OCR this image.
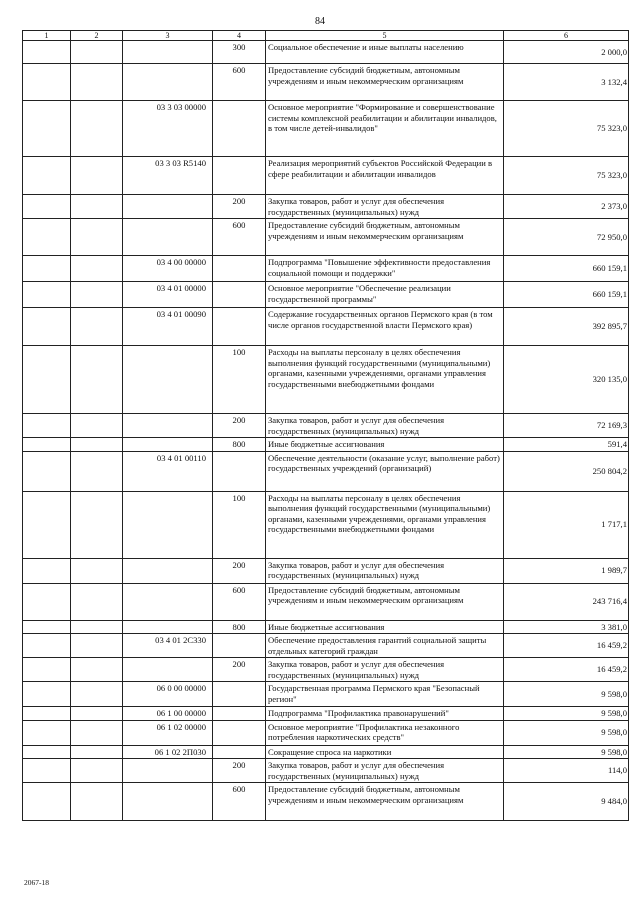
84
1	2	3	4	5	6
			300	Социальное обеспечение и иные выплаты населению	2 000,0
			600	Предоставление субсидий бюджетным, автономным учреждениям и иным некоммерческим организациям	3 132,4
		03 3 03 00000		Основное мероприятие "Формирование и совершенствование системы комплексной реабилитации и абилитации инвалидов, в том числе детей-инвалидов"	75 323,0
		03 3 03 R5140		Реализация мероприятий субъектов Российской Федерации в сфере реабилитации и абилитации инвалидов	75 323,0
			200	Закупка товаров, работ и услуг для обеспечения государственных (муниципальных) нужд	2 373,0
			600	Предоставление субсидий бюджетным, автономным учреждениям и иным некоммерческим организациям	72 950,0
		03 4 00 00000		Подпрограмма "Повышение эффективности предоставления социальной помощи и поддержки"	660 159,1
		03 4 01 00000		Основное мероприятие "Обеспечение реализации государственной программы"	660 159,1
		03 4 01 00090		Содержание государственных органов Пермского края (в том числе органов государственной власти Пермского края)	392 895,7
			100	Расходы на выплаты персоналу в целях обеспечения выполнения функций государственными (муниципальными) органами, казенными учреждениями, органами управления государственными внебюджетными фондами	320 135,0
			200	Закупка товаров, работ и услуг для обеспечения государственных (муниципальных) нужд	72 169,3
			800	Иные бюджетные ассигнования	591,4
		03 4 01 00110		Обеспечение деятельности (оказание услуг, выполнение работ) государственных учреждений (организаций)	250 804,2
			100	Расходы на выплаты персоналу в целях обеспечения выполнения функций государственными (муниципальными) органами, казенными учреждениями, органами управления государственными внебюджетными фондами	1 717,1
			200	Закупка товаров, работ и услуг для обеспечения государственных (муниципальных) нужд	1 989,7
			600	Предоставление субсидий бюджетным, автономным учреждениям и иным некоммерческим организациям	243 716,4
			800	Иные бюджетные ассигнования	3 381,0
		03 4 01 2С330		Обеспечение предоставления гарантий социальной защиты отдельных категорий граждан	16 459,2
			200	Закупка товаров, работ и услуг для обеспечения государственных (муниципальных) нужд	16 459,2
		06 0 00 00000		Государственная программа Пермского края "Безопасный регион"	9 598,0
		06 1 00 00000		Подпрограмма "Профилактика правонарушений"	9 598,0
		06 1 02 00000		Основное мероприятие "Профилактика незаконного потребления наркотических средств"	9 598,0
		06 1 02 2П030		Сокращение спроса на наркотики	9 598,0
			200	Закупка товаров, работ и услуг для обеспечения государственных (муниципальных) нужд	114,0
			600	Предоставление субсидий бюджетным, автономным учреждениям и иным некоммерческим организациям	9 484,0
2067-18
